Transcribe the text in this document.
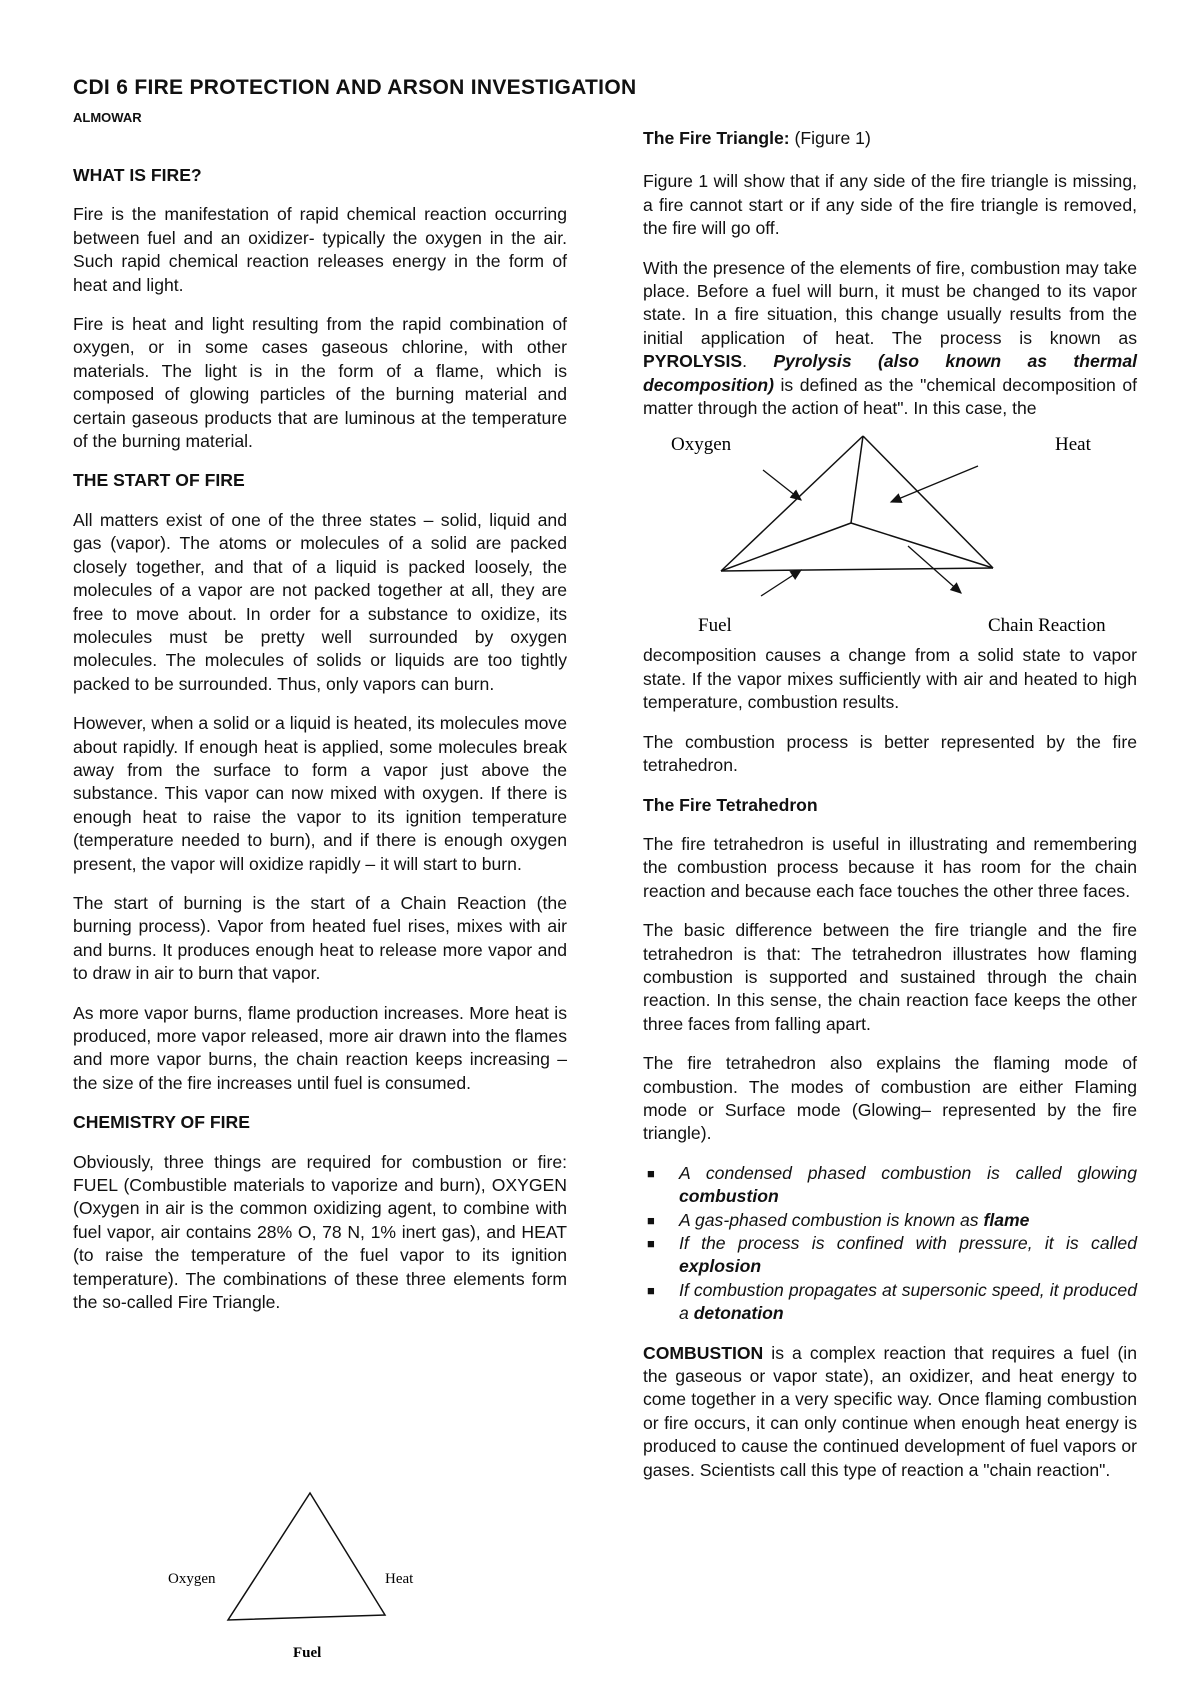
CDI 6 FIRE PROTECTION AND ARSON INVESTIGATION
ALMOWAR
WHAT IS FIRE?

Fire is the manifestation of rapid chemical reaction occurring between fuel and an oxidizer- typically the oxygen in the air. Such rapid chemical reaction releases energy in the form of heat and light.

Fire is heat and light resulting from the rapid combination of oxygen, or in some cases gaseous chlorine, with other materials. The light is in the form of a flame, which is composed of glowing particles of the burning material and certain gaseous products that are luminous at the temperature of the burning material.

THE START OF FIRE

All matters exist of one of the three states – solid, liquid and gas (vapor). The atoms or molecules of a solid are packed closely together, and that of a liquid is packed loosely, the molecules of a vapor are not packed together at all, they are free to move about. In order for a substance to oxidize, its molecules must be pretty well surrounded by oxygen molecules. The molecules of solids or liquids are too tightly packed to be surrounded. Thus, only vapors can burn.

However, when a solid or a liquid is heated, its molecules move about rapidly. If enough heat is applied, some molecules break away from the surface to form a vapor just above the substance. This vapor can now mixed with oxygen. If there is enough heat to raise the vapor to its ignition temperature (temperature needed to burn), and if there is enough oxygen present, the vapor will oxidize rapidly – it will start to burn.

The start of burning is the start of a Chain Reaction (the burning process). Vapor from heated fuel rises, mixes with air and burns. It produces enough heat to release more vapor and to draw in air to burn that vapor.

As more vapor burns, flame production increases. More heat is produced, more vapor released, more air drawn into the flames and more vapor burns, the chain reaction keeps increasing – the size of the fire increases until fuel is consumed.

CHEMISTRY OF FIRE

Obviously, three things are required for combustion or fire: FUEL (Combustible materials to vaporize and burn), OXYGEN (Oxygen in air is the common oxidizing agent, to combine with fuel vapor, air contains 28% O, 78 N, 1% inert gas), and HEAT (to raise the temperature of the fuel vapor to its ignition temperature). The combinations of these three elements form the so-called Fire Triangle.

Oxygen	Heat
Fuel

The Fire Triangle: (Figure 1)

Figure 1 will show that if any side of the fire triangle is missing, a fire cannot start or if any side of the fire triangle is removed, the fire will go off.

With the presence of the elements of fire, combustion may take place. Before a fuel will burn, it must be changed to its vapor state. In a fire situation, this change usually results from the initial application of heat. The process is known as PYROLYSIS. Pyrolysis (also known as thermal decomposition) is defined as the "chemical decomposition of matter through the action of heat". In this case, the

Oxygen	Heat
Fuel	Chain Reaction

decomposition causes a change from a solid state to vapor state. If the vapor mixes sufficiently with air and heated to high temperature, combustion results.

The combustion process is better represented by the fire tetrahedron.

The Fire Tetrahedron

The fire tetrahedron is useful in illustrating and remembering the combustion process because it has room for the chain reaction and because each face touches the other three faces.

The basic difference between the fire triangle and the fire tetrahedron is that: The tetrahedron illustrates how flaming combustion is supported and sustained through the chain reaction. In this sense, the chain reaction face keeps the other three faces from falling apart.

The fire tetrahedron also explains the flaming mode of combustion. The modes of combustion are either Flaming mode or Surface mode (Glowing– represented by the fire triangle).

■ A condensed phased combustion is called glowing combustion
■ A gas-phased combustion is known as flame
■ If the process is confined with pressure, it is called explosion
■ If combustion propagates at supersonic speed, it produced a detonation

COMBUSTION is a complex reaction that requires a fuel (in the gaseous or vapor state), an oxidizer, and heat energy to come together in a very specific way. Once flaming combustion or fire occurs, it can only continue when enough heat energy is produced to cause the continued development of fuel vapors or gases. Scientists call this type of reaction a "chain reaction".
